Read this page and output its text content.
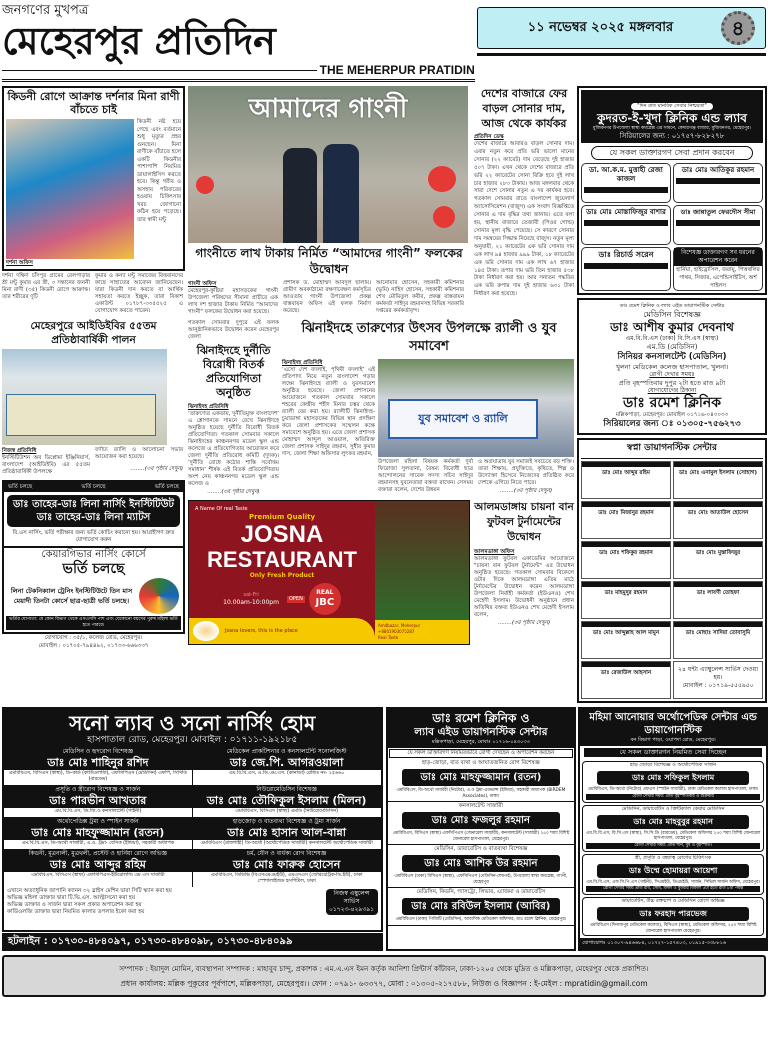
জনগণের মুখপত্র
মেহেরপুর প্রতিদিন
THE MEHERPUR PRATIDIN
১১ নভেম্বর ২০২৫ মঙ্গলবার	৪
কিডনী রোগে আক্রান্ত দর্শনার মিনা রাণী বাঁচতে চাই
কিডনী নষ্ট হয়ে গেছে এবং বর্তমানে শুধু মৃত্যুর প্রহর গুনছেন। মিনা রাণীকে বাঁচাতে হলে একটি কিডনীর পাশাপাশি নিয়মিত ডায়ালাইসিস করতে হবে। কিন্তু গরীব ও অসহায় পরিবারের হওয়ায় চিকিৎসার খরচ জোগানো কঠিন হয়ে পড়েছে। তার স্বামী মন্টু
দর্শনা অফিস
দর্শনা দক্ষিণ চাঁদপুর গ্রামের রেলপাড়ার শ্রী মন্টু কুমার এর স্ত্রী, ৩ সন্তানের জননী মিনা রাণী (৩৫) কিডনী রোগে আক্রান্ত। তার শরীরের দুটি
কুমার ও কন্যা মন্টু সমাজের বিত্তবানদের কাছে সাহায্যের আবেদন জানিয়েছেন। যারা কিডনী দান করতে বা আর্থিক সহায়তা করতে ইচ্ছুক, তারা বিকাশ একাউন্ট ০১৭৮৭-৩৩৫৫২৫ এ যোগাযোগ করতে পারেন।
মেহেরপুরে আইডিইবির ৫৫তম প্রতিষ্ঠাবার্ষিকী পালন
নিজস্ব প্রতিনিধি
ইনস্টিটিউশন অব ডিপ্লোমা ইঞ্জিনিয়ার্স, বাংলাদেশ (আইডিইবি) এর ৫৫তম প্রতিষ্ঠাবার্ষিকী উপলক্ষে
বর্ণাঢ্য র‍্যালি ও আলোচনা সভার আয়োজন করা হয়েছে।
........(৩র পৃষ্ঠার দেখুন)
ভর্তি চলছে	ভর্তি চলছে	ভর্তি চলছে
ডাঃ তাহের-ডাঃ লিনা নার্সিং ইনস্টিটিউট
ডাঃ তাহের-ডাঃ লিনা ম্যাটস
বি.এস নার্সিং, ভর্তি পরীক্ষার জন্য ভর্তি কোচিং করানো হয়। আগ্রহীগণ দ্রুত যোগাযোগ করুন
কেয়ারগিভার নার্সিং কোর্সে
ভর্তি চলছে
লিনা টেকনিক্যাল ট্রেনিং ইনস্টিটিউটে তিন মাস মেয়াদী তিনটা কোর্সে ছাত্র-ছাত্রী ভর্তি চলছে।
ভর্তির যোগ্যতা: যে কোন বিভাগ থেকে এসএসসি পাশ এবং যেকোনো বয়সের পুরুষ মহিলা ভর্তি হতে পারবে।
যোগাযোগ : ৩৫/১, কলেজ রোড, মেহেরপুর।
মোবাইল : ০১৭০৫-৭৯৪৪৯২, ০১৭৩৩-৬৬৬৩৩৭
আমাদের গাংনী
গাংনীতে লাখ টাকায় নির্মিত “আমাদের গাংনী” ফলকের উদ্বোধন
গাংনী অফিস
মেহেরপুর-কুষ্টিয়া মহাসড়কের গাংনী উপজেলা পরিষদের সীমানা প্রাচীরে এক লাখ দশ হাজার টাকায় নির্মিত "আমাদের গাংনী" ফলকের উদ্বোধন করা হয়েছে।
প্রশাসক ড. মোহাম্মদ আবদুল ছালাম। গ্রামীণ অবকাঠামো রক্ষণাবেক্ষণ কর্মসূচির আওতায় গাংনী উপজেলা প্রকল্প বাস্তবায়ন অফিস এই ফলক নির্মাণ করেছে।
আনোয়ার হোসেন, সহকারী কমিশনার (ভূমি) নাহিদ হোসেন, সহকারী কমিশনার শেখ মৌমিতুল কবীর, প্রকল্প বাস্তবায়ন কর্মকর্তা সাইদুর রহমানসহ বিভিন্ন সরকারি দপ্তরের কর্মকর্তাবৃন্দ।
দেশের বাজারে ফের বাড়ল সোনার দাম, আজ থেকে কার্যকর
প্রতিদিন ডেস্ক
দেশের বাজারে আবারও বাড়ল সোনার দাম। এবার নতুন করে প্রতি ভরি ভালো মানের সোনার (২২ ক্যারেট) দাম বেড়েছে দুই হাজার ৫০৭ টাকা। এখন থেকে দেশের বাজারে প্রতি ভরি ২২ ক্যারেটের সোনা বিক্রি হবে দুই লাখ চার হাজার ২৮৩ টাকায়। আজ মঙ্গলবার থেকে সারা দেশে সোনার নতুন এ দর কার্যকর হবে। গতকাল সোমবার রাতে বাংলাদেশ জুয়েলার্স অ্যাসোসিয়েশন (বাজুস) এক সংবাদ বিজ্ঞপ্তিতে সোনার এ দাম বৃদ্ধির তথ্য জানায়। এতে বলা হয়, স্থানীয় বাজারে তেজাবী (পিওর গোল্ড) সোনার মূল্য বৃদ্ধি পেয়েছে। সে কারণে সোনার দাম সমন্বয়ের সিদ্ধান্ত নিয়েছে বাজুস। নতুন মূল্য অনুযায়ী, ২১ ক্যারেটের এক ভরি সোনার দাম এক লাখ ৯৪ হাজার ৯৯৯ টাকা, ১৮ ক্যারেটের এক ভরি সোনার দাম এক লাখ ৬৭ হাজার ১৪৫ টাকা। রূপার দাম ভরি তিন হাজার ৫৩৮ টাকা নির্ধারণ করা হয়। আর সনাতন পদ্ধতির এক ভরি রুপার দাম দুই হাজার ৬৩১ টাকা নির্ধারণ করা হয়েছে।
গতকাল সোমবার দুপুরে এই ফলক আনুষ্ঠানিকভাবে উদ্বোধন করেন মেহেরপুর জেলা
ঝিনাইদহে দুর্নীতি বিরোধী বিতর্ক প্রতিযোগিতা অনুষ্ঠিত
ঝিনাইদহ প্রতিনিধি
‘তারুণ্যের একতায়, দুর্নীতিমুক্ত বাংলাদেশ’ এ শ্লোগানকে সামনে রেখে ঝিনাইদহে অনুষ্ঠিত হয়েছে দুর্নীতি বিরোধী বিতর্ক প্রতিযোগিতা। গতকাল সোমবার সকালে ঝিনাইদহের কাঞ্চননগর মডেল স্কুল এন্ড কলেজে এ প্রতিযোগিতার আয়োজন করে জেলা দুর্নীতি প্রতিরোধ কমিটি (দুদক)। ‘দুর্নীতি রোধে কঠোর শাস্তি সর্বোত্তম সমাধান’ শীর্ষক এই বিতর্ক প্রতিযোগিতায় অংশ নেয় কাঞ্চননগর মডেল স্কুল এন্ড কলেজ ও
........(৩র পৃষ্ঠার দেখুন)
ঝিনাইদহে তারুণ্যের উৎসব উপলক্ষে র‍্যালী ও যুব সমাবেশ
ঝিনাইদহ প্রতিনিধি
‘এসো দেশ বদলাই, পৃথিবী বদলাই’ এই প্রতিপাদ্য নিয়ে নতুন বাংলাদেশ গড়ার লক্ষ্যে ঝিনাইদহে র‍্যালী ও যুবসমাবেশ অনুষ্ঠিত হয়েছে। জেলা প্রশাসনের আয়োজনে গতকাল সোমবার সকালে শহরের কেন্দ্রীয় শহীদ মিনার চত্বর থেকে র‍্যালী বের করা হয়। র‍্যালীটি ঝিনাইদহ-চুয়াডাঙ্গা মহাসড়কের বিভিন্ন স্থান প্রদক্ষিণ করে জেলা প্রশাসকের সম্মেলন কক্ষে সমাবেশে অনুষ্ঠিত হয়। এতে জেলা প্রশাসক মোহাম্মদ আব্দুল আওয়াল, অতিরিক্ত জেলা প্রশাসক সাইদুর রহমান, সুধীর কুমার দাস, জেলা শিক্ষা অফিসার লুৎফর রহমান,
যুব সমাবেশ ও র‍্যালি
উপজেলা মহিলা বিষয়ক কর্মকর্তা দুর্বা ফিরোজা সুলতানা, বৈষম্য বিরোধী ছাত্র আন্দোলনের সাবেক সদস্য সচিব সাইদুর রহমানসহ যুবনেতারা বক্তব্য রাখেন। সেসময় বক্তারা বলেন, দেশের উন্নয়ন
ও অগ্রযাত্রায় যুব সমাজই সবচেয়ে বড় শক্তি। তারা শিক্ষায়, প্রযুক্তিতে, কৃষিতে, শিল্প ও উদ্যোক্তা হিসেবে নিজেদের প্রতিষ্ঠিত করে দেশকে এগিয়ে নিতে পারে।
........(৩র পৃষ্ঠার দেখুন)
A Name Of real Taste
Premium Quality
JOSNA
RESTAURANT
Only Fresh Product
sat-Fri
10.00am-10:00pm	OPEN
REAL
JBC
Josna lovers, this is the place
Amdbazar, Meherpur
+8801903075287
Real Taste
আলমডাঙ্গায় চায়না বান ফুটবল টুর্নামেন্টের উদ্বোধন
আলমডাঙ্গা অফিস
আলমডাঙ্গা ফুটবল একাডেমির আয়োজনে "চায়না বান ফুটবল টুর্নামেন্ট" এর উদ্বোধন অনুষ্ঠিত হয়েছে। গতকাল সোমবার বিকেলে ওটার দিকে আলমডাঙ্গা এতিম মাঠে টুর্নামেন্টের উদ্বোধন করেন আলমডাঙ্গা উপজেলা নির্বাহী কর্মকর্তা (ইউএনও) শেখ মেহেদী ইসলাম। উদ্বোধনী অনুষ্ঠানে প্রধান অতিথির বক্তব্য ইউএনও শেখ মেহেদী ইসলাম বলেন,
........(৩র পৃষ্ঠার দেখুন)
"দিন রাত মানবিক সেবার নিশ্চয়তা"
কুদরত-ই-খুদা ক্লিনিক এন্ড ল্যাব
মুজিবনগর উপজেলা স্বাস্থ্য কমপ্লেক্স এর সামনে, কেদারগঞ্জ বাজার, মুজিবনগর, মেহেরপুর।
সিরিয়ালের জন্য : ০১৭৫৭-৮২৮২৭৮
যে সকল ডাক্তারগণ সেবা প্রদান করবেন
ডা. আ.ক.ম. মুত্তাহী রেজা কাজল
ডাঃ মোঃ আতিকুর রহমান
ডাঃ মোঃ মোস্তাফিজুর বাশার	ডাঃ জান্নাতুল ফেরদৌস সীমা
ডাঃ রিচার্ড সরেন	বিশেষজ্ঞ ডাক্তারগণ সব ধরনের অপারেশন করেন
হার্নিয়া, হাইড্রোসিল, জরায়ু, পিত্তথলির পাথর, সিজার, এপেন্ডিসাইটিস, অর্শ পাইলস
ডাঃ রমেশ ক্লিনিক ও ল্যাব এইড ডায়াগনস্টিক সেন্টার
মেডিসিন বিশেষজ্ঞ
ডাঃ আশীষ কুমার দেবনাথ
এম.বি.বি.এস (ঢাকা) বি.সি.এস (স্বাস্থ্য)
এম.ডি (মেডিসিন)
সিনিয়র কনসালটেন্ট (মেডিসিন)
খুলনা মেডিকেল কলেজ হাসপাতাল, খুলনা।
রোগী দেখার সময়ঃ
প্রতি বৃহস্পতিবার দুপুর ২টা হতে রাত ৯টা
যোগাযোগের ঠিকানা
ডাঃ রমেশ ক্লিনিক
মল্লিকপাড়া, মেহেরপুর। মোবাইল ০১৭১৬-০৪৩০৩৩
সিরিয়ালের জন্য ঃ ০১৩০৫-৭৫৬২৭৩
স্বপ্না ডায়াগনস্টিক সেন্টার
ডাঃ মোঃ আব্দুর রহিম	ডাঃ মোঃ এনামুল ইসলাম (সোহাগ)
ডাঃ মোঃ মিজানুর রহমান	ডাঃ মোঃ আতাউল হোসেন
ডাঃ মোঃ শফিকুর রহমান	ডাঃ মোঃ মুস্তাফিজুর
ডাঃ মাহমুদুর রহমান	ডাঃ লাবণী তোহফা
ডাঃ মোঃ আব্দুল্লাহ আল মামুন	ডাঃ মোছাঃ সাদিয়া তোবাসুমি
ডাঃ রেজাউল আহসান	২৪ ঘন্টা এ্যাম্বুলেন্স সার্ভিস দেওয়া হয়।
মোবাইল : ০১৭১৯-৫৫৫৯৫০
সনো ল্যাব ও সনো নার্সিং হোম
হাসপাতাল রোড, মেহেরপুর। মোবাইল : ০১৭১১-১৯২১৮৫
মেডিসিন ও হৃদরোগ বিশেষজ্ঞ
ডাঃ মোঃ শাহিনুর রশিদ
এমবিবিএস, বিসিএস (স্বাস্থ্য), ডি-কার্ড (কার্ডিওলজি), এফসিপিএস (মেডিসিন) এফপি, সিসিডি (বারডেম)
মেডিকেল প্রাকটিশনার ও কনসালটেন্ট সনোলজিস্ট
ডাঃ জে.পি. আগরওয়ালা
এম.বি.বি.এস, এ.ডি.এম.এস. (কানাডা) রেজিঃ নং- ২৫৬৬০
প্রসূতি ও স্ত্রীরোগ বিশেষজ্ঞ ও সার্জন
ডাঃ পারভীন আখতার
এম.বি.বি.এস, ডি.জি.ও কনসালটেন্ট (গাইনী)
নিউরোমেডিসিন বিশেষজ্ঞ
ডাঃ মোঃ তৌফিকুল ইসলাম (মিলন)
এমবিবিএস, বিসিএস (স্বাস্থ্য) এমডি (নিউরোমেডিসিন)
অর্থোপেডিক্স ট্রমা ও স্পাইন সার্জন
ডাঃ মোঃ মাহফুজ্জামান (রতন)
এম.বি.বি.এস, ডি-অর্থো সার্জারী, এ.ও. ট্রমা- বেসিক (ইন্ডিয়া), সহকারী অধ্যাপক
হাড়জোড় ও বাতব্যথা বিশেষজ্ঞ ও ট্রমা সার্জন
ডাঃ মোঃ হাসান আল-বান্না
এমবিবিএস (রাজশাহী) ডি-অর্থো (অর্থোপেডিক সার্জারী) কনসালটেন্ট অর্থোপেডিক সার্জারী
কিডনী, মূত্রনালী, মুত্রথলী, প্রস্টেট ও হার্নিয়া রোগে অভিজ্ঞ
ডাঃ মোঃ আব্দুর রহিম
এমবিবিএস, বিসিএস (স্বাস্থ্য) এফসিপিএস-ইউরোলজি এম এস সার্জারী
চর্ম, যৌন ও বার্ধক্য রোগ বিশেষজ্ঞ
ডাঃ মোঃ ফারুক হোসেন
এমবিবিএস, ডিডিভি (বিএসএমএমইউ), এমএসএস (জেরিয়েট্রিক-ডি.ইউ), ঢাকা স্পেশালাইজড হসপিটাল, ঢাকা
এখানে অত্যাধুনিক জাপানি ক্যানন ৩২ স্লাইস মেশিন দ্বারা সিটি স্ক্যান করা হয়
অভিজ্ঞ মহিলা ডাক্তার দ্বারা টি.ভি.এস. আল্ট্রাসনো করা হয়
অভিজ্ঞ ডাক্তার ও সার্জন দ্বারা সকল প্রকার অপারেশন করা হয়
কার্ডিওলজি ডাক্তার দ্বারা নিয়মিত কালার ডপলার ইকো করা হয়
নিজস্ব এম্বুলেন্স সার্ভিস ০১৭২৩-৪২৯৩৯১
হটলাইন : ০১৭৩০-৪৮৪০৯৭, ০১৭৩০-৪৮৪০৯৮, ০১৭৩০-৪৮৪০৯৯
ডাঃ রমেশ ক্লিনিক ও
ল্যাব এইড ডায়াগনস্টিক সেন্টার
মল্লিকপাড়া, মেহেরপুর, মোবাঃ ০১৭১৬-০৪৩০৩৩
যে সকল ডাক্তারগণ নিয়মিতভাবে রোগী দেখছেন ও অপারেশন করছেন
হাড়-জোড়া, বাত ব্যথা ও আঘাতজনিত রোগ বিশেষজ্ঞ
ডাঃ মোঃ মাহফুজ্জামান (রতন)
এমবিবিএস, ডি-অর্থো সার্জারী (নিটোর), এ.ও ট্রমা-এডভান্স (ইন্ডিয়া), সহকারী অধ্যাপক (BIRDEM Associates), ঢাকা।
কনসালটেন্ট সার্জারী
ডাঃ মোঃ ফজলুর রহমান
এমবিবিএস, বিসিএস (স্বাস্থ্য) এফসিপিএস (জেনারেল সার্জারী), কনসালটেন্ট (সার্জারী) ২৫০ শয্যা বিশিষ্ট জেনারেল হাসপাতাল, মেহেরপুর।
মেডিসিন, ডায়াবেটিস ও বাতব্যথা বিশেষজ্ঞ
ডাঃ মোঃ আশিক উর রহমান
এমবিবিএস (ঢাকা) বিসিএস (স্বাস্থ্য), এফসিপিএস (মেডিসিন-শেষপর্ব), উপজেলা স্বাস্থ্য কমপ্লেক্স, গাংনী, মেহেরপুর
মেডিসিন, কিডনি, গ্যাসট্রো, লিভার, এ্যাজমা ও ডায়াবেটিস
ডাঃ মোঃ রবিউল ইসলাম (আবির)
এমবিবিএস (ঢাকা) পিজিটি (মেডিসিন), আবাসিক মেডিকেল অফিসার, ডাঃ রমেশ ক্লিনিক, মেহেরপুর।
মহিমা আনোয়ার অর্থোপেডিক সেন্টার এন্ড ডায়াগোনস্টিক
বন বিভাগ পাড়া, ওয়াপদা রোড, মেহেরপুর।
যে সকল ডাক্তারগন নিয়মিত সেবা দিচ্ছেন
হাড় জোড়া বিশেষজ্ঞ ও অর্থোপেডিক সার্জন
ডাঃ মোঃ সফিকুল ইসলাম
এমবিবিএস, ডি-অর্থো (নিটোর) এফএস (স্পাইন সার্জারী), ঢাকা মেডিকেল কলেজ হাসপাতাল, ঢাকা।
রোগী দেখার সময়: প্রতি বৃহস্পতিবার ও শুক্রবার
মেডিসিন, ডায়াবেটিস ও ক্রিটিক্যাল কেয়ার মেডিসিন
ডাঃ মোঃ মাহবুবুর রহমান
এম.বি.বি.এস, বি.সি.এস (স্বাস্থ্য), সি.সি.ডি (বারডেম), মেডিকেল অফিসার ২৫০ শয্যা বিশিষ্ট জেনারেল হাসপাতাল, মেহেরপুর।
রোগী দেখার সময়: প্রতি শনি, বুধ ও বৃহস্পতি।
স্ত্রী, প্রসূতি ও বন্ধ্যাত্ব রোগের চিকিৎসক
ডাঃ উম্মে হোমায়রা আয়েশা
এম.বি.বি.এস, এফ.সি.পি.এস (গাইনী), সিএমইউ, ডিএমইউ, সার্জন, সিভিল সার্জন অফিস, মেহেরপুর।
রোগী দেখার সময় প্রতি রবি, সোম, মঙ্গল ও বুধবার বিকাল ৫টা হতে রাত ৮টা পর্যন্ত
ডায়াবেটিস, উচ্চ রক্তচাপ ও মেডিসিন রোগে অভিজ্ঞ
ডাঃ ফরহাদ পারভেজ
এমবিবিএস (দিনাজপুর মেডিকেল কলেজ), বিসিএস (স্বাস্থ্য), মেডিকেল অফিসার, ২৫০ শয্যা বিশিষ্ট জেনারেল হাসপাতাল মেহেরপুর।
যোগাযোগঃ ০১৩০৭-৯৪৬৬৮৪, ০১৭২৭-১৫৭৪০৩, ০১৯১৫-৩৩৮৮১৬
সম্পাদক : ইয়াদুল মোমিন, ব্যবস্থাপনা সম্পাদক : মাহাবুব চান্দু, প্রকাশক : এম.এ.এস ইমন কর্তৃক আনিশা প্রিন্টার্স কাঁটাবন, ঢাকা-১২০৫ থেকে মুদ্রিত ও মল্লিকপাড়া, মেহেরপুর থেকে প্রকাশিত।
প্রধান কার্যালয়: মল্লিক পুকুরের পূর্বপাশে, মল্লিকপাড়া, মেহেরপুর।। ফোন : ০৭৯১- ৬৩৩৭৭, মোবা : ০১৩০৫-২১৭৫৮৮, নিউজ ও বিজ্ঞাপন : ই-মেইল : mpratidin@gmail.com
